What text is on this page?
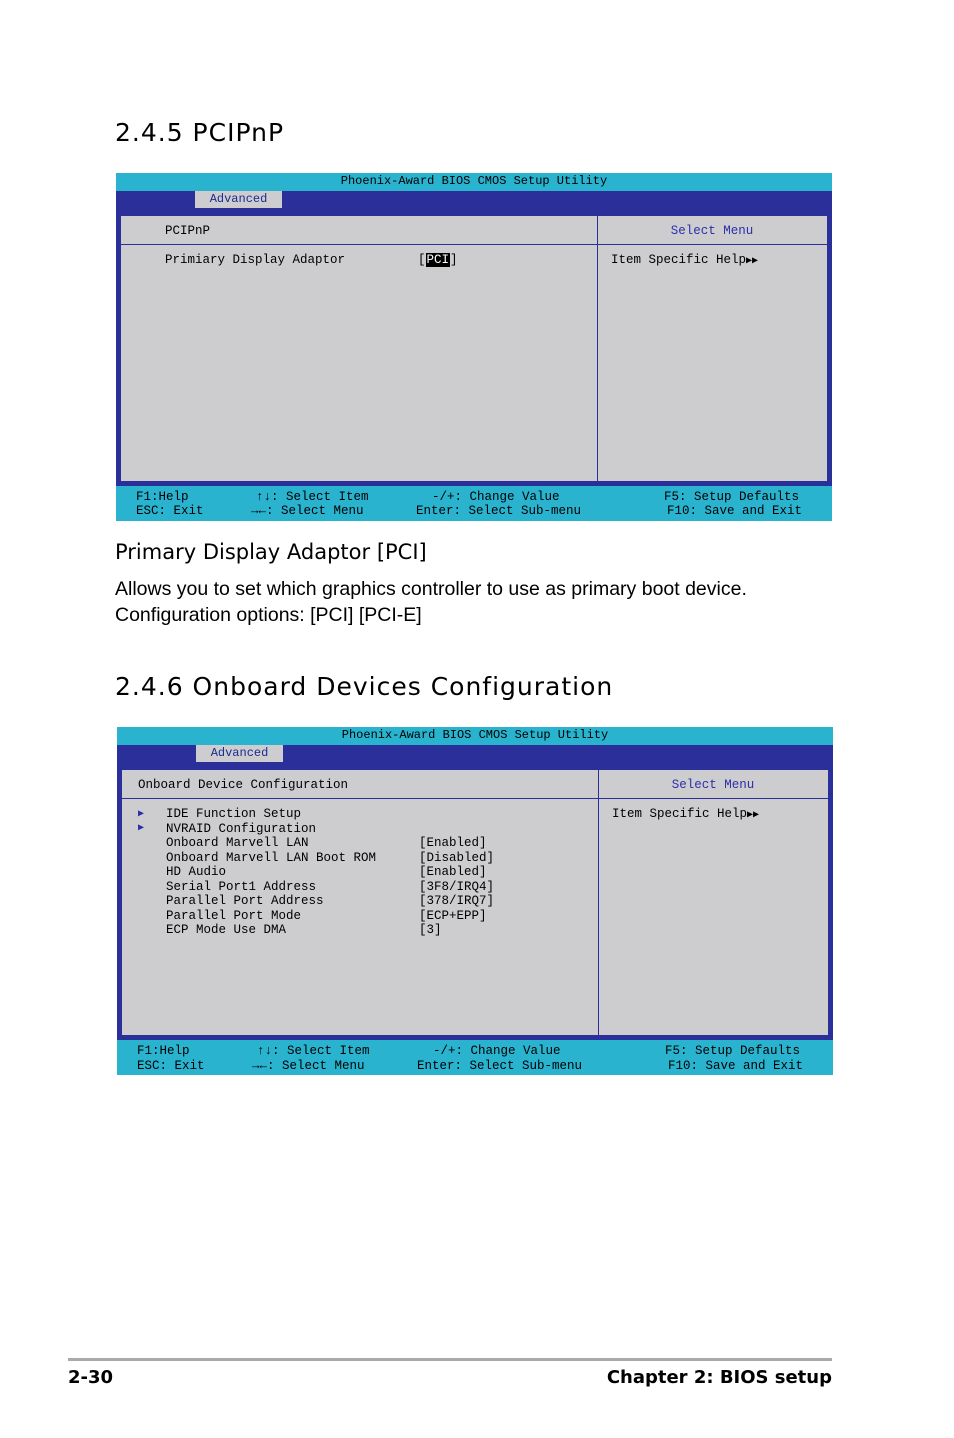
2.4.5 PCIPnP
Phoenix-Award BIOS CMOS Setup Utility
Advanced
PCIPnP	Select Menu
Item Specific Help▶▶
Primiary Display Adaptor	[PCI]
F1:Help
ESC: Exit
↑↓: Select Item
→←: Select Menu
-/+: Change Value
Enter: Select Sub-menu
F5: Setup Defaults
F10: Save and Exit
Primary Display Adaptor [PCI]
Allows you to set which graphics controller to use as primary boot device.
Configuration options: [PCI] [PCI-E]
2.4.6 Onboard Devices Configuration
Phoenix-Award BIOS CMOS Setup Utility
Advanced
Onboard Device Configuration	Select Menu
Item Specific Help▶▶
▶
▶
IDE Function Setup
NVRAID Configuration
Onboard Marvell LAN	[Enabled]
Onboard Marvell LAN Boot ROM	[Disabled]
HD Audio	[Enabled]
Serial Port1 Address	[3F8/IRQ4]
Parallel Port Address	[378/IRQ7]
Parallel Port Mode	[ECP+EPP]
ECP Mode Use DMA	[3]
F1:Help
ESC: Exit
↑↓: Select Item
→←: Select Menu
-/+: Change Value
Enter: Select Sub-menu
F5: Setup Defaults
F10: Save and Exit
2-30	Chapter 2: BIOS setup
